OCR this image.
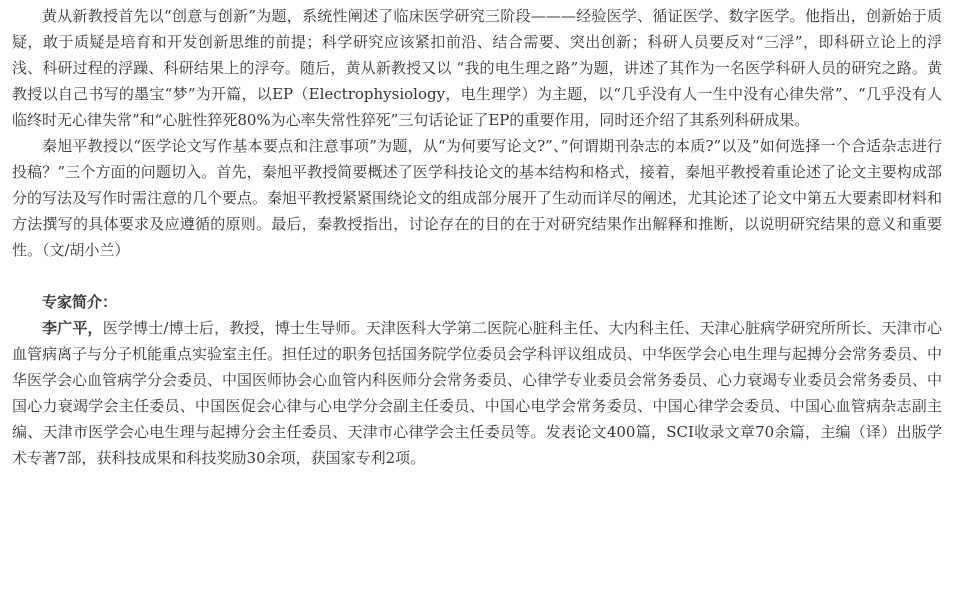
黄从新教授首先以“创意与创新”为题，系统性阐述了临床医学研究三阶段———经验医学、循证医学、数字医学。他指出，创新始于质疑，敢于质疑是培育和开发创新思维的前提；科学研究应该紧扣前沿、结合需要、突出创新；科研人员要反对“三浮”，即科研立论上的浮浅、科研过程的浮躁、科研结果上的浮夸。随后，黄从新教授又以 “我的电生理之路”为题，讲述了其作为一名医学科研人员的研究之路。黄教授以自己书写的墨宝“梦”为开篇，以EP（Electrophysiology，电生理学）为主题，以“几乎没有人一生中没有心律失常”、“几乎没有人临终时无心律失常”和“心脏性猝死80%为心率失常性猝死”三句话论证了EP的重要作用，同时还介绍了其系列科研成果。

秦旭平教授以“医学论文写作基本要点和注意事项”为题，从“为何要写论文?”、”何谓期刊杂志的本质?”以及”如何选择一个合适杂志进行投稿？”三个方面的问题切入。首先，秦旭平教授简要概述了医学科技论文的基本结构和格式，接着，秦旭平教授着重论述了论文主要构成部分的写法及写作时需注意的几个要点。秦旭平教授紧紧围绕论文的组成部分展开了生动而详尽的阐述，尤其论述了论文中第五大要素即材料和方法撰写的具体要求及应遵循的原则。最后，秦教授指出，讨论存在的目的在于对研究结果作出解释和推断，以说明研究结果的意义和重要性。（文/胡小兰）

专家简介：

李广平，医学博士/博士后，教授，博士生导师。天津医科大学第二医院心脏科主任、大内科主任、天津心脏病学研究所所长、天津市心血管病离子与分子机能重点实验室主任。担任过的职务包括国务院学位委员会学科评议组成员、中华医学会心电生理与起搏分会常务委员、中华医学会心血管病学分会委员、中国医师协会心血管内科医师分会常务委员、心律学专业委员会常务委员、心力衰竭专业委员会常务委员、中国心力衰竭学会主任委员、中国医促会心律与心电学分会副主任委员、中国心电学会常务委员、中国心律学会委员、中国心血管病杂志副主编、天津市医学会心电生理与起搏分会主任委员、天津市心律学会主任委员等。发表论文400篇，SCI收录文章70余篇，主编（译）出版学术专著7部，获科技成果和科技奖励30余项，获国家专利2项。
